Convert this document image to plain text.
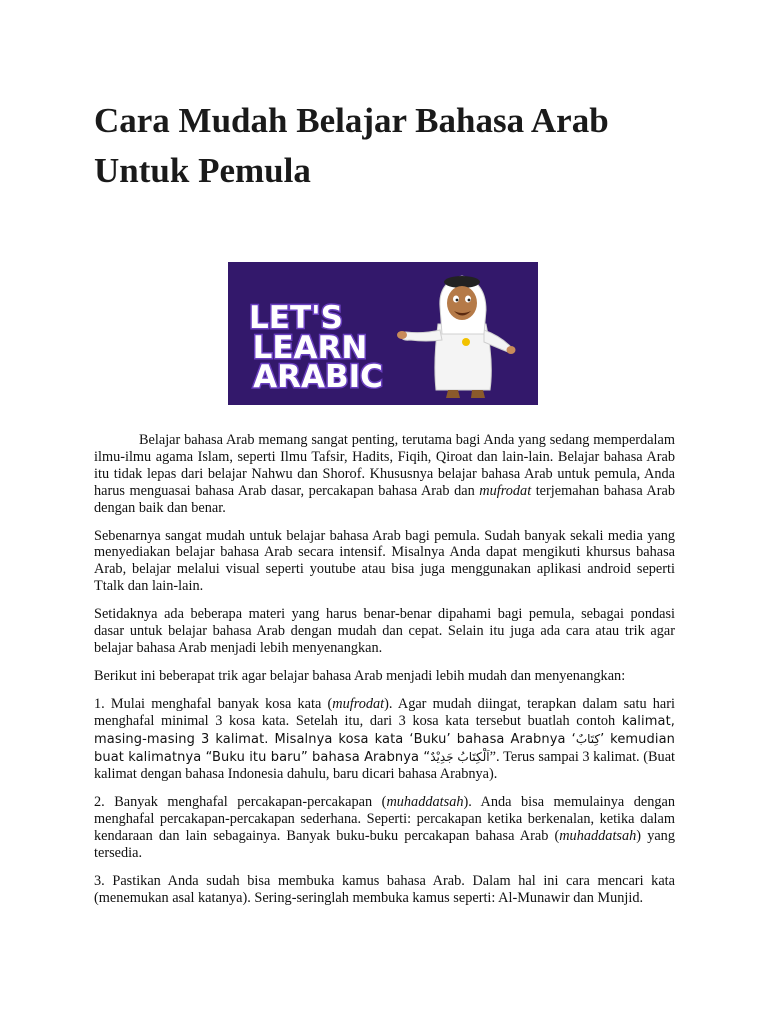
Cara Mudah Belajar Bahasa Arab Untuk Pemula
LET'S
LEARN
ARABIC

Belajar bahasa Arab memang sangat penting, terutama bagi Anda yang sedang memperdalam ilmu-ilmu agama Islam, seperti Ilmu Tafsir, Hadits, Fiqih, Qiroat dan lain-lain. Belajar bahasa Arab itu tidak lepas dari belajar Nahwu dan Shorof. Khususnya belajar bahasa Arab untuk pemula, Anda harus menguasai bahasa Arab dasar, percakapan bahasa Arab dan mufrodat terjemahan bahasa Arab dengan baik dan benar.

Sebenarnya sangat mudah untuk belajar bahasa Arab bagi pemula. Sudah banyak sekali media yang menyediakan belajar bahasa Arab secara intensif. Misalnya Anda dapat mengikuti khursus bahasa Arab, belajar melalui visual seperti youtube atau bisa juga menggunakan aplikasi android seperti Ttalk dan lain-lain.

Setidaknya ada beberapa materi yang harus benar-benar dipahami bagi pemula, sebagai pondasi dasar untuk belajar bahasa Arab dengan mudah dan cepat. Selain itu juga ada cara atau trik agar belajar bahasa Arab menjadi lebih menyenangkan.

Berikut ini beberapat trik agar belajar bahasa Arab menjadi lebih mudah dan menyenangkan:

1. Mulai menghafal banyak kosa kata (mufrodat). Agar mudah diingat, terapkan dalam satu hari menghafal minimal 3 kosa kata. Setelah itu, dari 3 kosa kata tersebut buatlah contoh kalimat, masing-masing 3 kalimat. Misalnya kosa kata ‘Buku’ bahasa Arabnya ‘كِتَابٌ’ kemudian buat kalimatnya “Buku itu baru” bahasa Arabnya “اَلْكِتَابُ جَدِيْدٌ”. Terus sampai 3 kalimat. (Buat kalimat dengan bahasa Indonesia dahulu, baru dicari bahasa Arabnya).

2. Banyak menghafal percakapan-percakapan (muhaddatsah). Anda bisa memulainya dengan menghafal percakapan-percakapan sederhana. Seperti: percakapan ketika berkenalan, ketika dalam kendaraan dan lain sebagainya. Banyak buku-buku percakapan bahasa Arab (muhaddatsah) yang tersedia.

3. Pastikan Anda sudah bisa membuka kamus bahasa Arab. Dalam hal ini cara mencari kata (menemukan asal katanya). Sering-seringlah membuka kamus seperti: Al-Munawir dan Munjid.
